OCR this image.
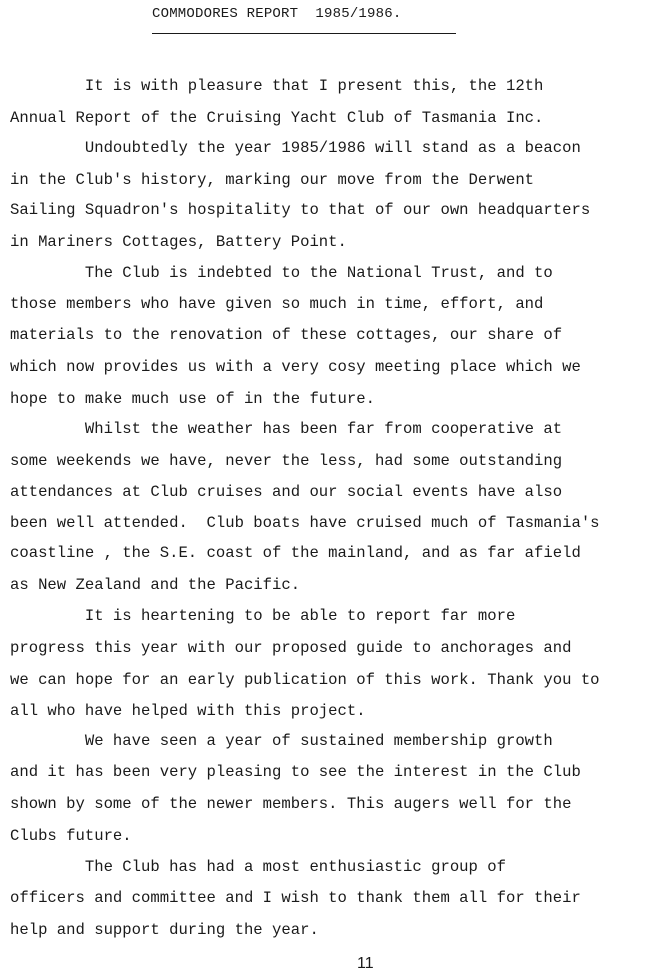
COMMODORES REPORT  1985/1986.
It is with pleasure that I present this, the 12th
Annual Report of the Cruising Yacht Club of Tasmania Inc.
Undoubtedly the year 1985/1986 will stand as a beacon
in the Club's history, marking our move from the Derwent
Sailing Squadron's hospitality to that of our own headquarters
in Mariners Cottages, Battery Point.
The Club is indebted to the National Trust, and to
those members who have given so much in time, effort, and
materials to the renovation of these cottages, our share of
which now provides us with a very cosy meeting place which we
hope to make much use of in the future.
Whilst the weather has been far from cooperative at
some weekends we have, never the less, had some outstanding
attendances at Club cruises and our social events have also
been well attended.  Club boats have cruised much of Tasmania's
coastline , the S.E. coast of the mainland, and as far afield
as New Zealand and the Pacific.
It is heartening to be able to report far more
progress this year with our proposed guide to anchorages and
we can hope for an early publication of this work. Thank you to
all who have helped with this project.
We have seen a year of sustained membership growth
and it has been very pleasing to see the interest in the Club
shown by some of the newer members. This augers well for the
Clubs future.
The Club has had a most enthusiastic group of
officers and committee and I wish to thank them all for their
help and support during the year.
11
